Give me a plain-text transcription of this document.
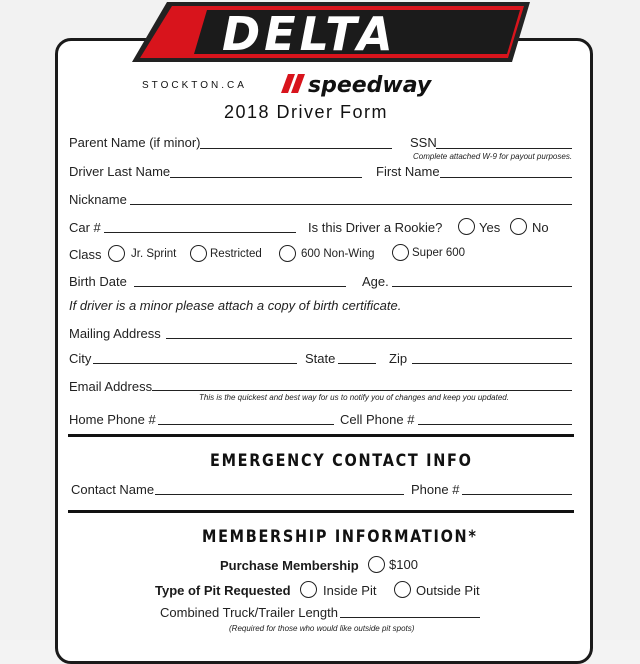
DELTA
STOCKTON.CA	speedway
2018 Driver Form
Parent Name (if minor)	SSN
Complete attached W-9 for payout purposes.
Driver Last Name	First Name
Nickname
Car #	Is this Driver a Rookie?	Yes No
Class	Jr. Sprint	Restricted	600 Non-Wing	Super 600
Birth Date	Age.
If driver is a minor please attach a copy of birth certificate.
Mailing Address
City	State	Zip
Email Address
This is the quickest and best way for us to notify you of changes and keep you updated.
Home Phone #	Cell Phone #
EMERGENCY CONTACT INFO
Contact Name	Phone #
MEMBERSHIP INFORMATION*
Purchase Membership $100
Type of Pit Requested Inside Pit	Outside Pit
Combined Truck/Trailer Length
(Required for those who would like outside pit spots)
